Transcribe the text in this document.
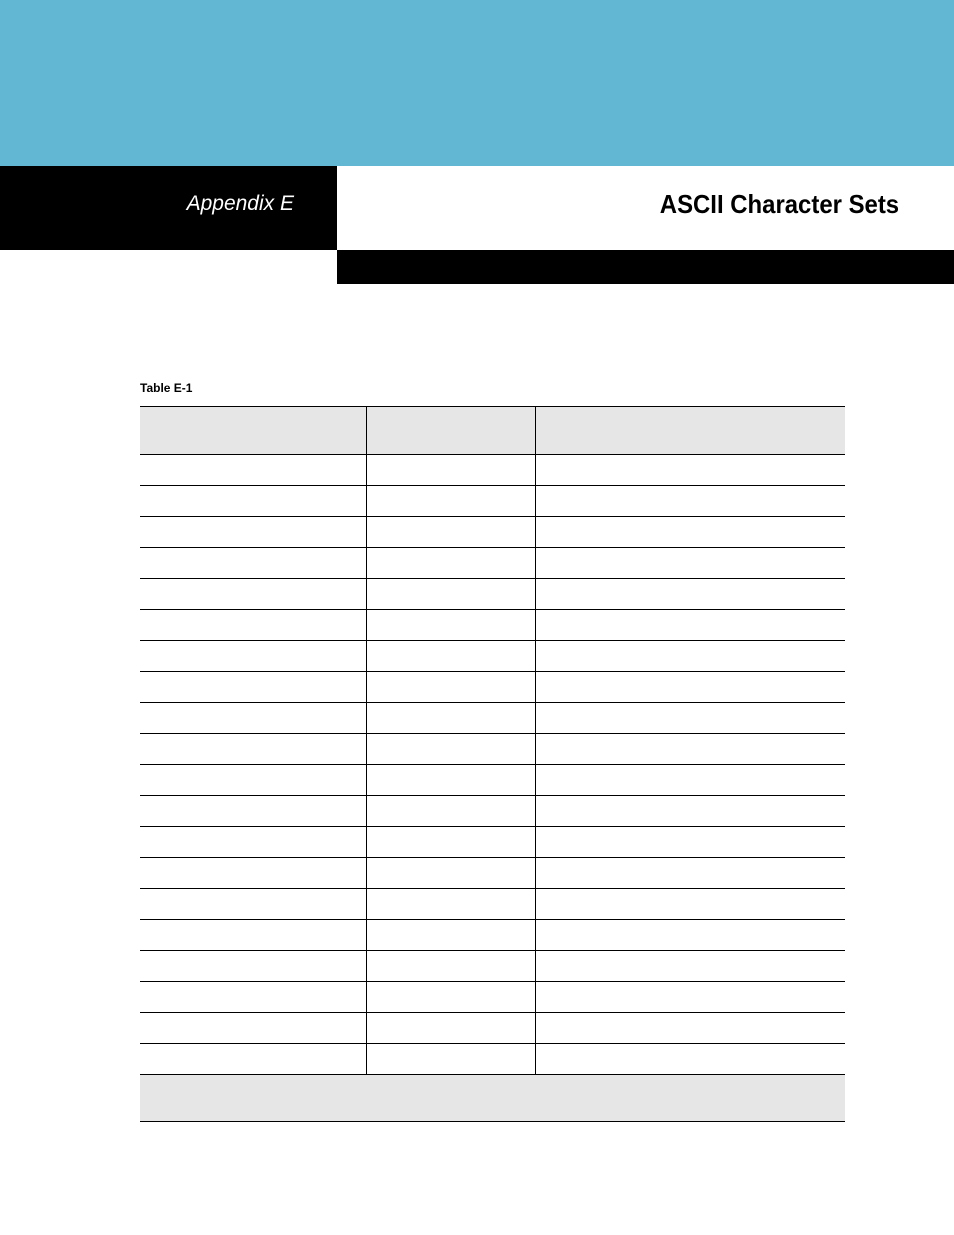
Appendix E	ASCII Character Sets
Table E-1
